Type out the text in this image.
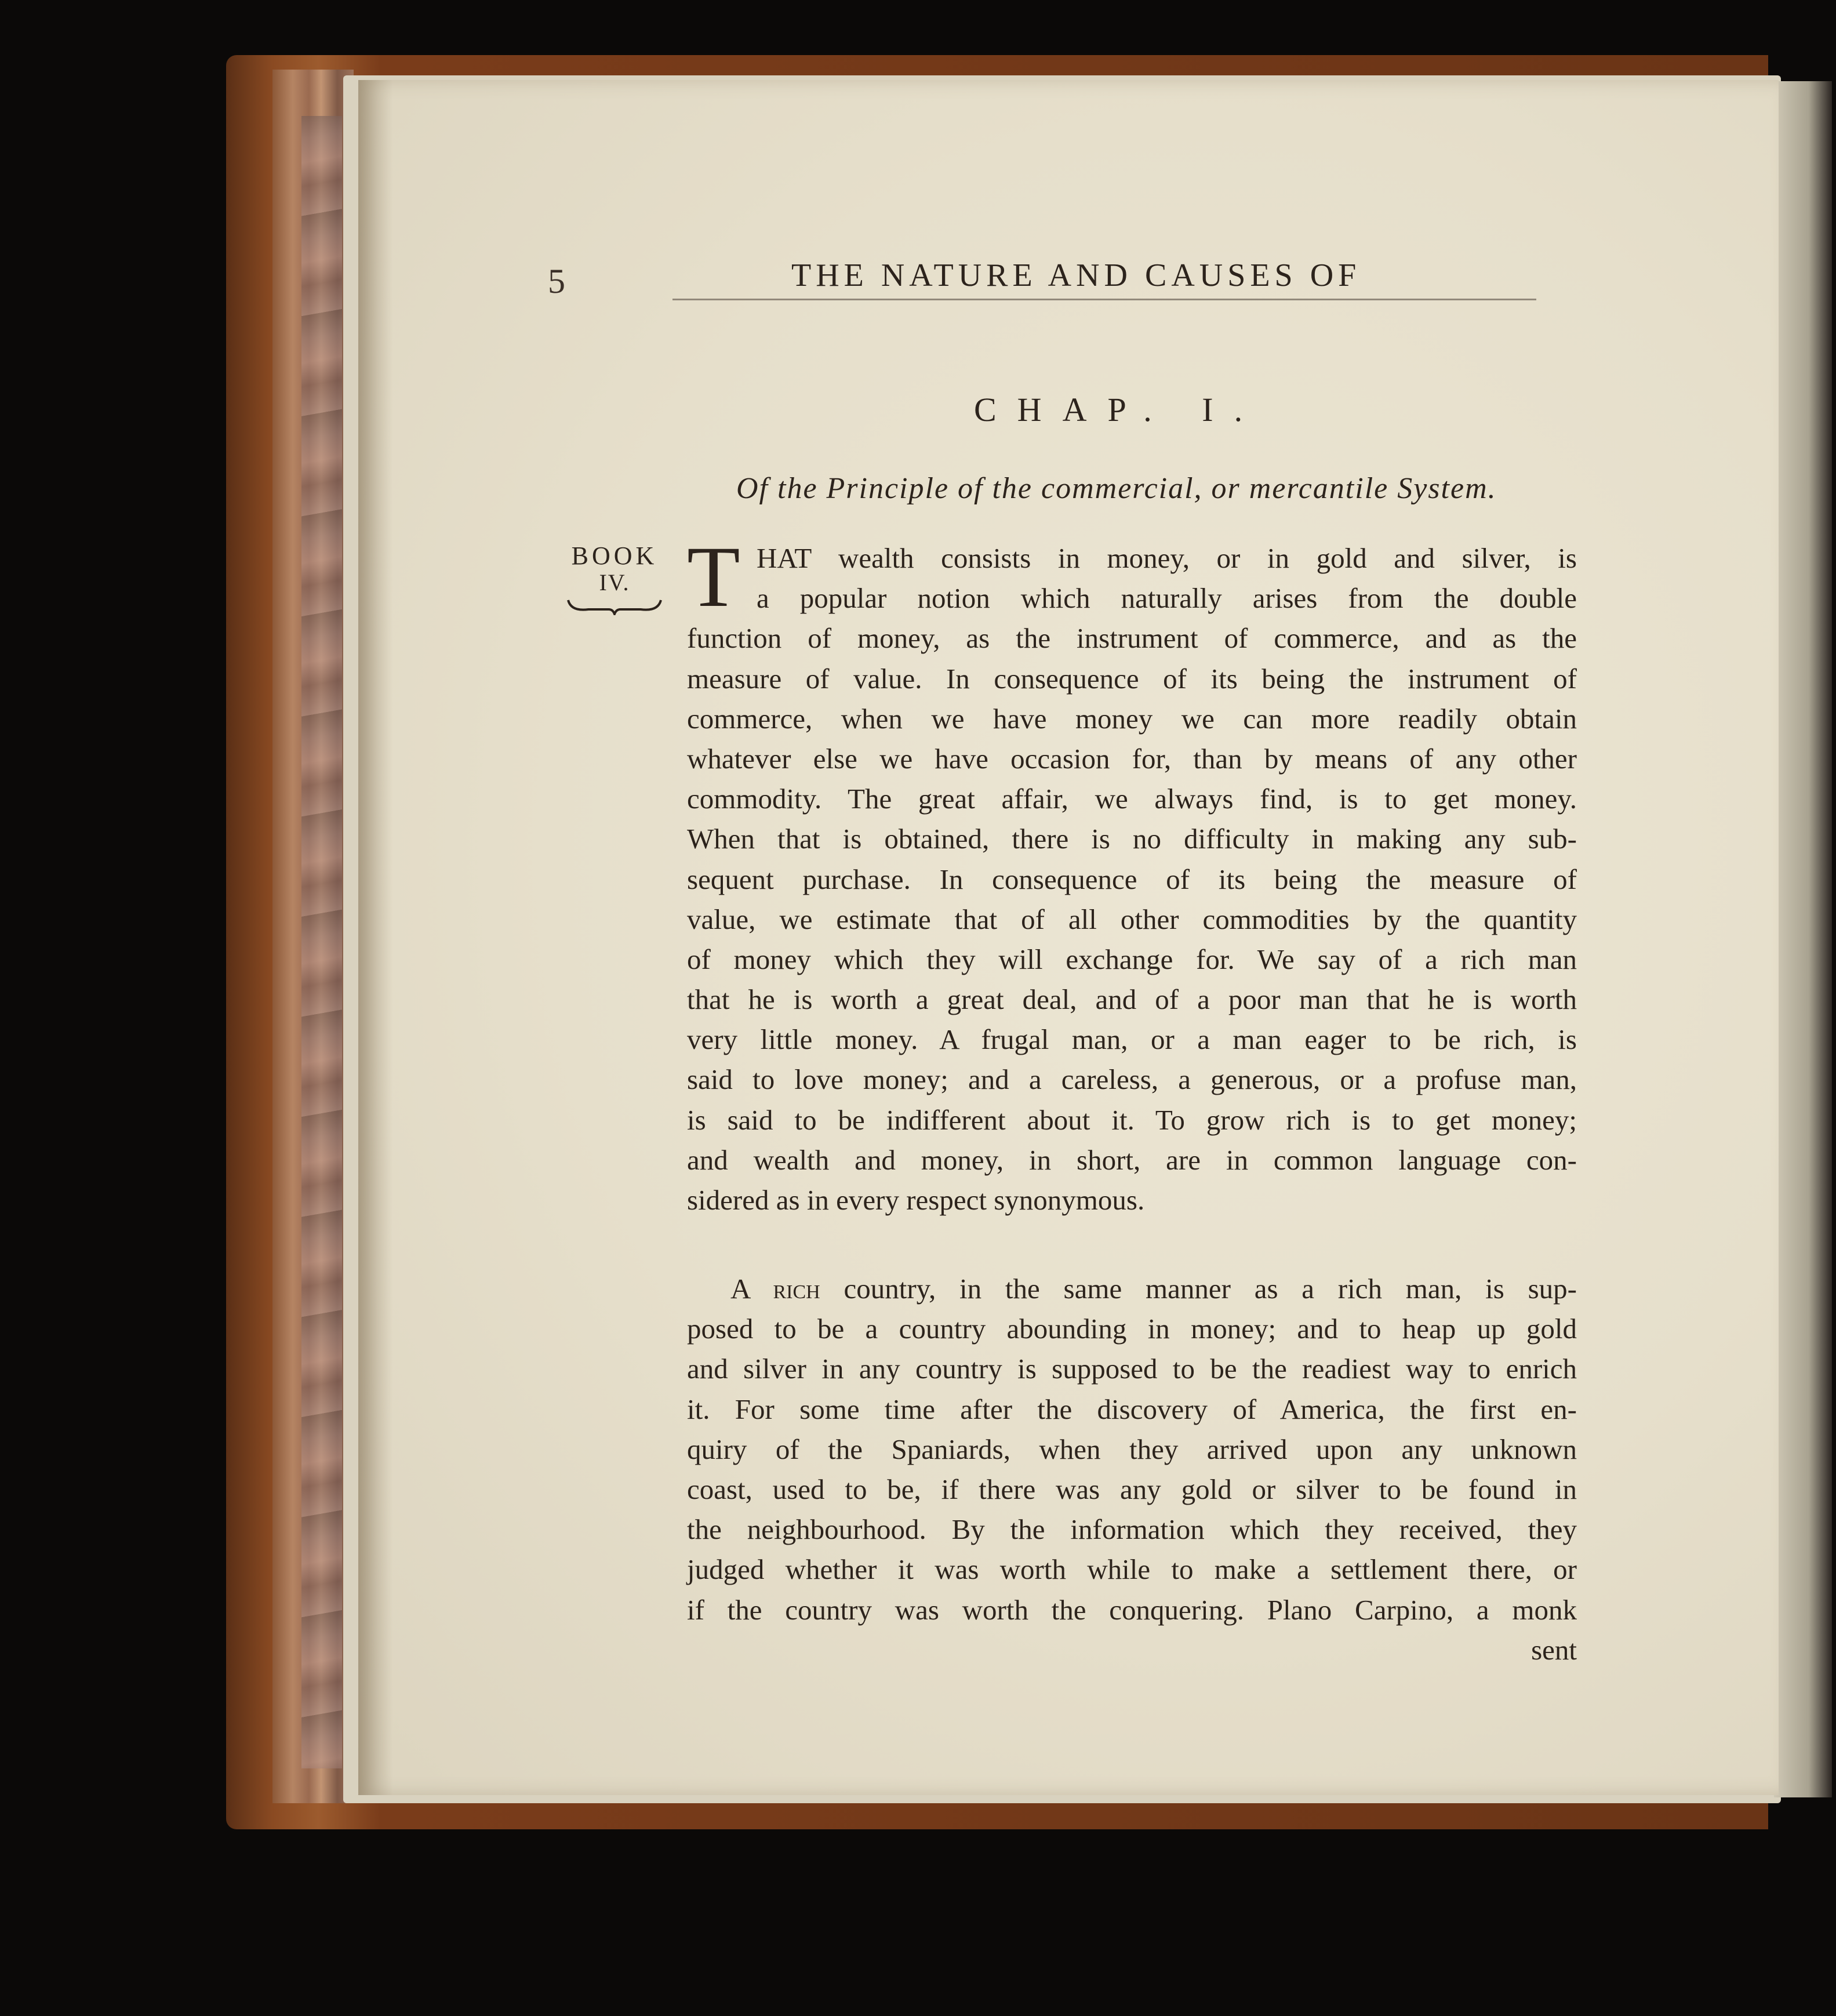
5	THE NATURE AND CAUSES OF
CHAP. I.
Of the Principle of the commercial, or mercantile System.
BOOK
IV. T HAT wealth consists in money, or in gold and silver, is
a popular notion which naturally arises from the double
function of money, as the instrument of commerce, and as the
measure of value. In consequence of its being the instrument of
commerce, when we have money we can more readily obtain
whatever else we have occasion for, than by means of any other
commodity. The great affair, we always find, is to get money.
When that is obtained, there is no difficulty in making any sub-
sequent purchase. In consequence of its being the measure of
value, we estimate that of all other commodities by the quantity
of money which they will exchange for. We say of a rich man
that he is worth a great deal, and of a poor man that he is worth
very little money. A frugal man, or a man eager to be rich, is
said to love money; and a careless, a generous, or a profuse man,
is said to be indifferent about it. To grow rich is to get money;
and wealth and money, in short, are in common language con-
sidered as in every respect synonymous.
A rich country, in the same manner as a rich man, is sup-
posed to be a country abounding in money; and to heap up gold
and silver in any country is supposed to be the readiest way to enrich
it. For some time after the discovery of America, the first en-
quiry of the Spaniards, when they arrived upon any unknown
coast, used to be, if there was any gold or silver to be found in
the neighbourhood. By the information which they received, they
judged whether it was worth while to make a settlement there, or
if the country was worth the conquering. Plano Carpino, a monk
sent
